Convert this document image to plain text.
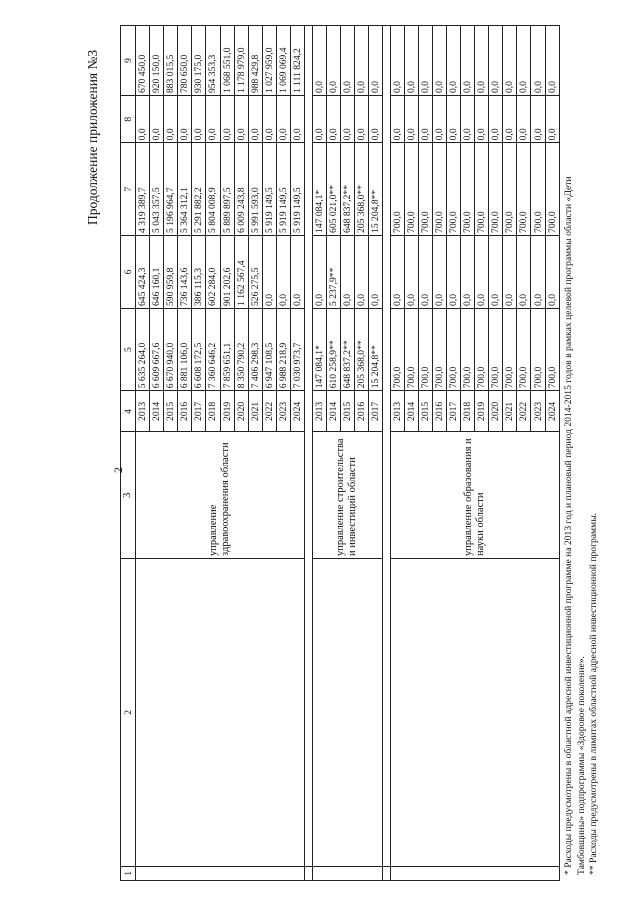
2
Продолжение приложения №3
1	2	3	4	5	6	7	8	9
		управление здравоохранения области	2013	5 635 264,0	645 424,3	4 319 389,7	0,0	670 450,0
			2014	6 609 667,6	646 160,1	5 043 357,5	0,0	920 150,0
			2015	6 670 940,0	590 959,8	5 196 964,7	0,0	883 015,5
			2016	6 881 106,0	736 143,6	5 364 312,1	0,0	780 650,0
			2017	6 608 172,5	386 115,3	5 291 882,2	0,0	930 175,0
			2018	7 360 646,2	602 284,0	5 804 008,9	0,0	954 353,3
			2019	7 859 651,1	901 202,6	5 889 897,5	0,0	1 068 551,0
			2020	8 350 790,2	1 162 567,4	6 009 243,8	0,0	1 178 979,0
			2021	7 406 298,3	526 275,5	5 991 593,0	0,0	988 429,8
			2022	6 947 108,5	0,0	5 919 149,5	0,0	1 027 959,0
			2023	6 988 218,9	0,0	5 919 149,5	0,0	1 069 069,4
			2024	7 030 973,7	0,0	5 919 149,5	0,0	1 111 824,2

		управление строительства и инвестиций области	2013	147 084,1*	0,0	147 084,1*	0,0	0,0
			2014	610 258,9**	5 237,9**	605 021,0**	0,0	0,0
			2015	648 837,2**	0,0	648 837,2**	0,0	0,0
			2016	205 368,0**	0,0	205 368,0**	0,0	0,0
			2017	15 204,8**	0,0	15 204,8**	0,0	0,0

		управление образования и науки области	2013	700,0	0,0	700,0	0,0	0,0
			2014	700,0	0,0	700,0	0,0	0,0
			2015	700,0	0,0	700,0	0,0	0,0
			2016	700,0	0,0	700,0	0,0	0,0
			2017	700,0	0,0	700,0	0,0	0,0
			2018	700,0	0,0	700,0	0,0	0,0
			2019	700,0	0,0	700,0	0,0	0,0
			2020	700,0	0,0	700,0	0,0	0,0
			2021	700,0	0,0	700,0	0,0	0,0
			2022	700,0	0,0	700,0	0,0	0,0
			2023	700,0	0,0	700,0	0,0	0,0
			2024	700,0	0,0	700,0	0,0	0,0
* Расходы предусмотрены в областной адресной инвестиционной программе на 2013 год и плановый период 2014-2015 годов в рамках целевой программы области «Дети Тамбовщины» подпрограммы «Здоровое поколение». ** Расходы предусмотрены в лимитах областной адресной инвестиционной программы.
